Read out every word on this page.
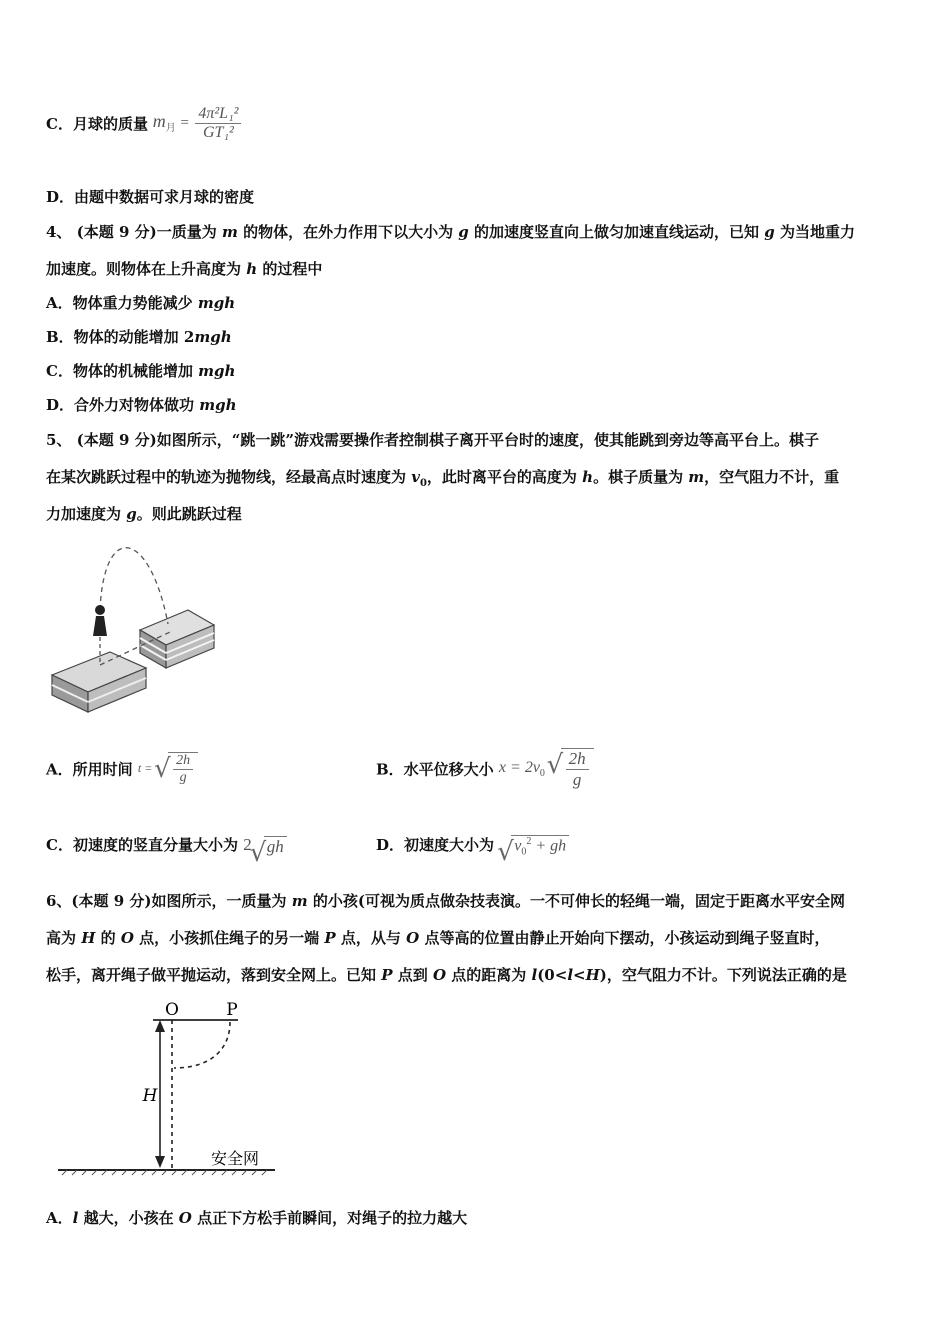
C．月球的质量 $m_月 = \frac{\text{4π²L₁²}}{\text{GT₁²}}$
D．由题中数据可求月球的密度
4、 (本题 9 分)一质量为 m 的物体，在外力作用下以大小为 g 的加速度竖直向上做匀加速直线运动，已知 g 为当地重力
加速度。则物体在上升高度为 h 的过程中
A．物体重力势能减少 mgh
B．物体的动能增加 2mgh
C．物体的机械能增加 mgh
D．合外力对物体做功 mgh
5、 (本题 9 分)如图所示，“跳一跳”游戏需要操作者控制棋子离开平台时的速度，使其能跳到旁边等高平台上。棋子
在某次跳跃过程中的轨迹为抛物线，经最高点时速度为 $v_0$，此时离平台的高度为 h。棋子质量为 m，空气阻力不计，重
力加速度为 g。则此跳跃过程
A．所用时间 t = √ $\frac{2h}{g}$	B．水平位移大小 $x = 2v_0$ √ $\frac{2h}{g}$
C．初速度的竖直分量大小为 2 √ gh	D．初速度大小为 √ $v_0^2$ + gh
6、(本题 9 分)如图所示，一质量为 m 的小孩(可视为质点做杂技表演。一不可伸长的轻绳一端，固定于距离水平安全网
高为 H 的 O 点，小孩抓住绳子的另一端 P 点，从与 O 点等高的位置由静止开始向下摆动，小孩运动到绳子竖直时，
松手，离开绳子做平抛运动，落到安全网上。已知 P 点到 O 点的距离为 l(0<l<H)，空气阻力不计。下列说法正确的是
O	P
H
安全网
A．l 越大，小孩在 O 点正下方松手前瞬间，对绳子的拉力越大
